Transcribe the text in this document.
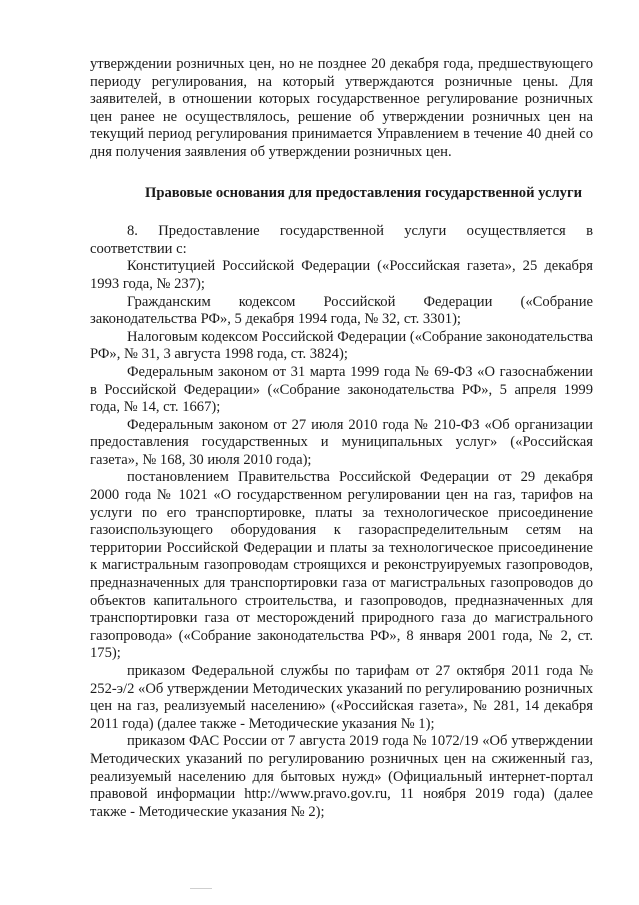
утверждении розничных цен, но не позднее 20 декабря года, предшествующего периоду регулирования, на который утверждаются розничные цены. Для заявителей, в отношении которых государственное регулирование розничных цен ранее не осуществлялось, решение об утверждении розничных цен на текущий период регулирования принимается Управлением в течение 40 дней со дня получения заявления об утверждении розничных цен.

Правовые основания для предоставления государственной услуги

8. Предоставление государственной услуги осуществляется в соответствии с:

Конституцией Российской Федерации («Российская газета», 25 декабря 1993 года, № 237);

Гражданским кодексом Российской Федерации («Собрание законодательства РФ», 5 декабря 1994 года, № 32, ст. 3301);

Налоговым кодексом Российской Федерации («Собрание законодательства РФ», № 31, 3 августа 1998 года, ст. 3824);

Федеральным законом от 31 марта 1999 года № 69-ФЗ «О газоснабжении в Российской Федерации» («Собрание законодательства РФ», 5 апреля 1999 года, № 14, ст. 1667);

Федеральным законом от 27 июля 2010 года № 210-ФЗ «Об организации предоставления государственных и муниципальных услуг» («Российская газета», № 168, 30 июля 2010 года);

постановлением Правительства Российской Федерации от 29 декабря 2000 года № 1021 «О государственном регулировании цен на газ, тарифов на услуги по его транспортировке, платы за технологическое присоединение газоиспользующего оборудования к газораспределительным сетям на территории Российской Федерации и платы за технологическое присоединение к магистральным газопроводам строящихся и реконструируемых газопроводов, предназначенных для транспортировки газа от магистральных газопроводов до объектов капитального строительства, и газопроводов, предназначенных для транспортировки газа от месторождений природного газа до магистрального газопровода» («Собрание законодательства РФ», 8 января 2001 года, № 2, ст. 175);

приказом Федеральной службы по тарифам от 27 октября 2011 года № 252-э/2 «Об утверждении Методических указаний по регулированию розничных цен на газ, реализуемый населению» («Российская газета», № 281, 14 декабря 2011 года) (далее также - Методические указания № 1);

приказом ФАС России от 7 августа 2019 года № 1072/19 «Об утверждении Методических указаний по регулированию розничных цен на сжиженный газ, реализуемый населению для бытовых нужд» (Официальный интернет-портал правовой информации http://www.pravo.gov.ru, 11 ноября 2019 года) (далее также - Методические указания № 2);
